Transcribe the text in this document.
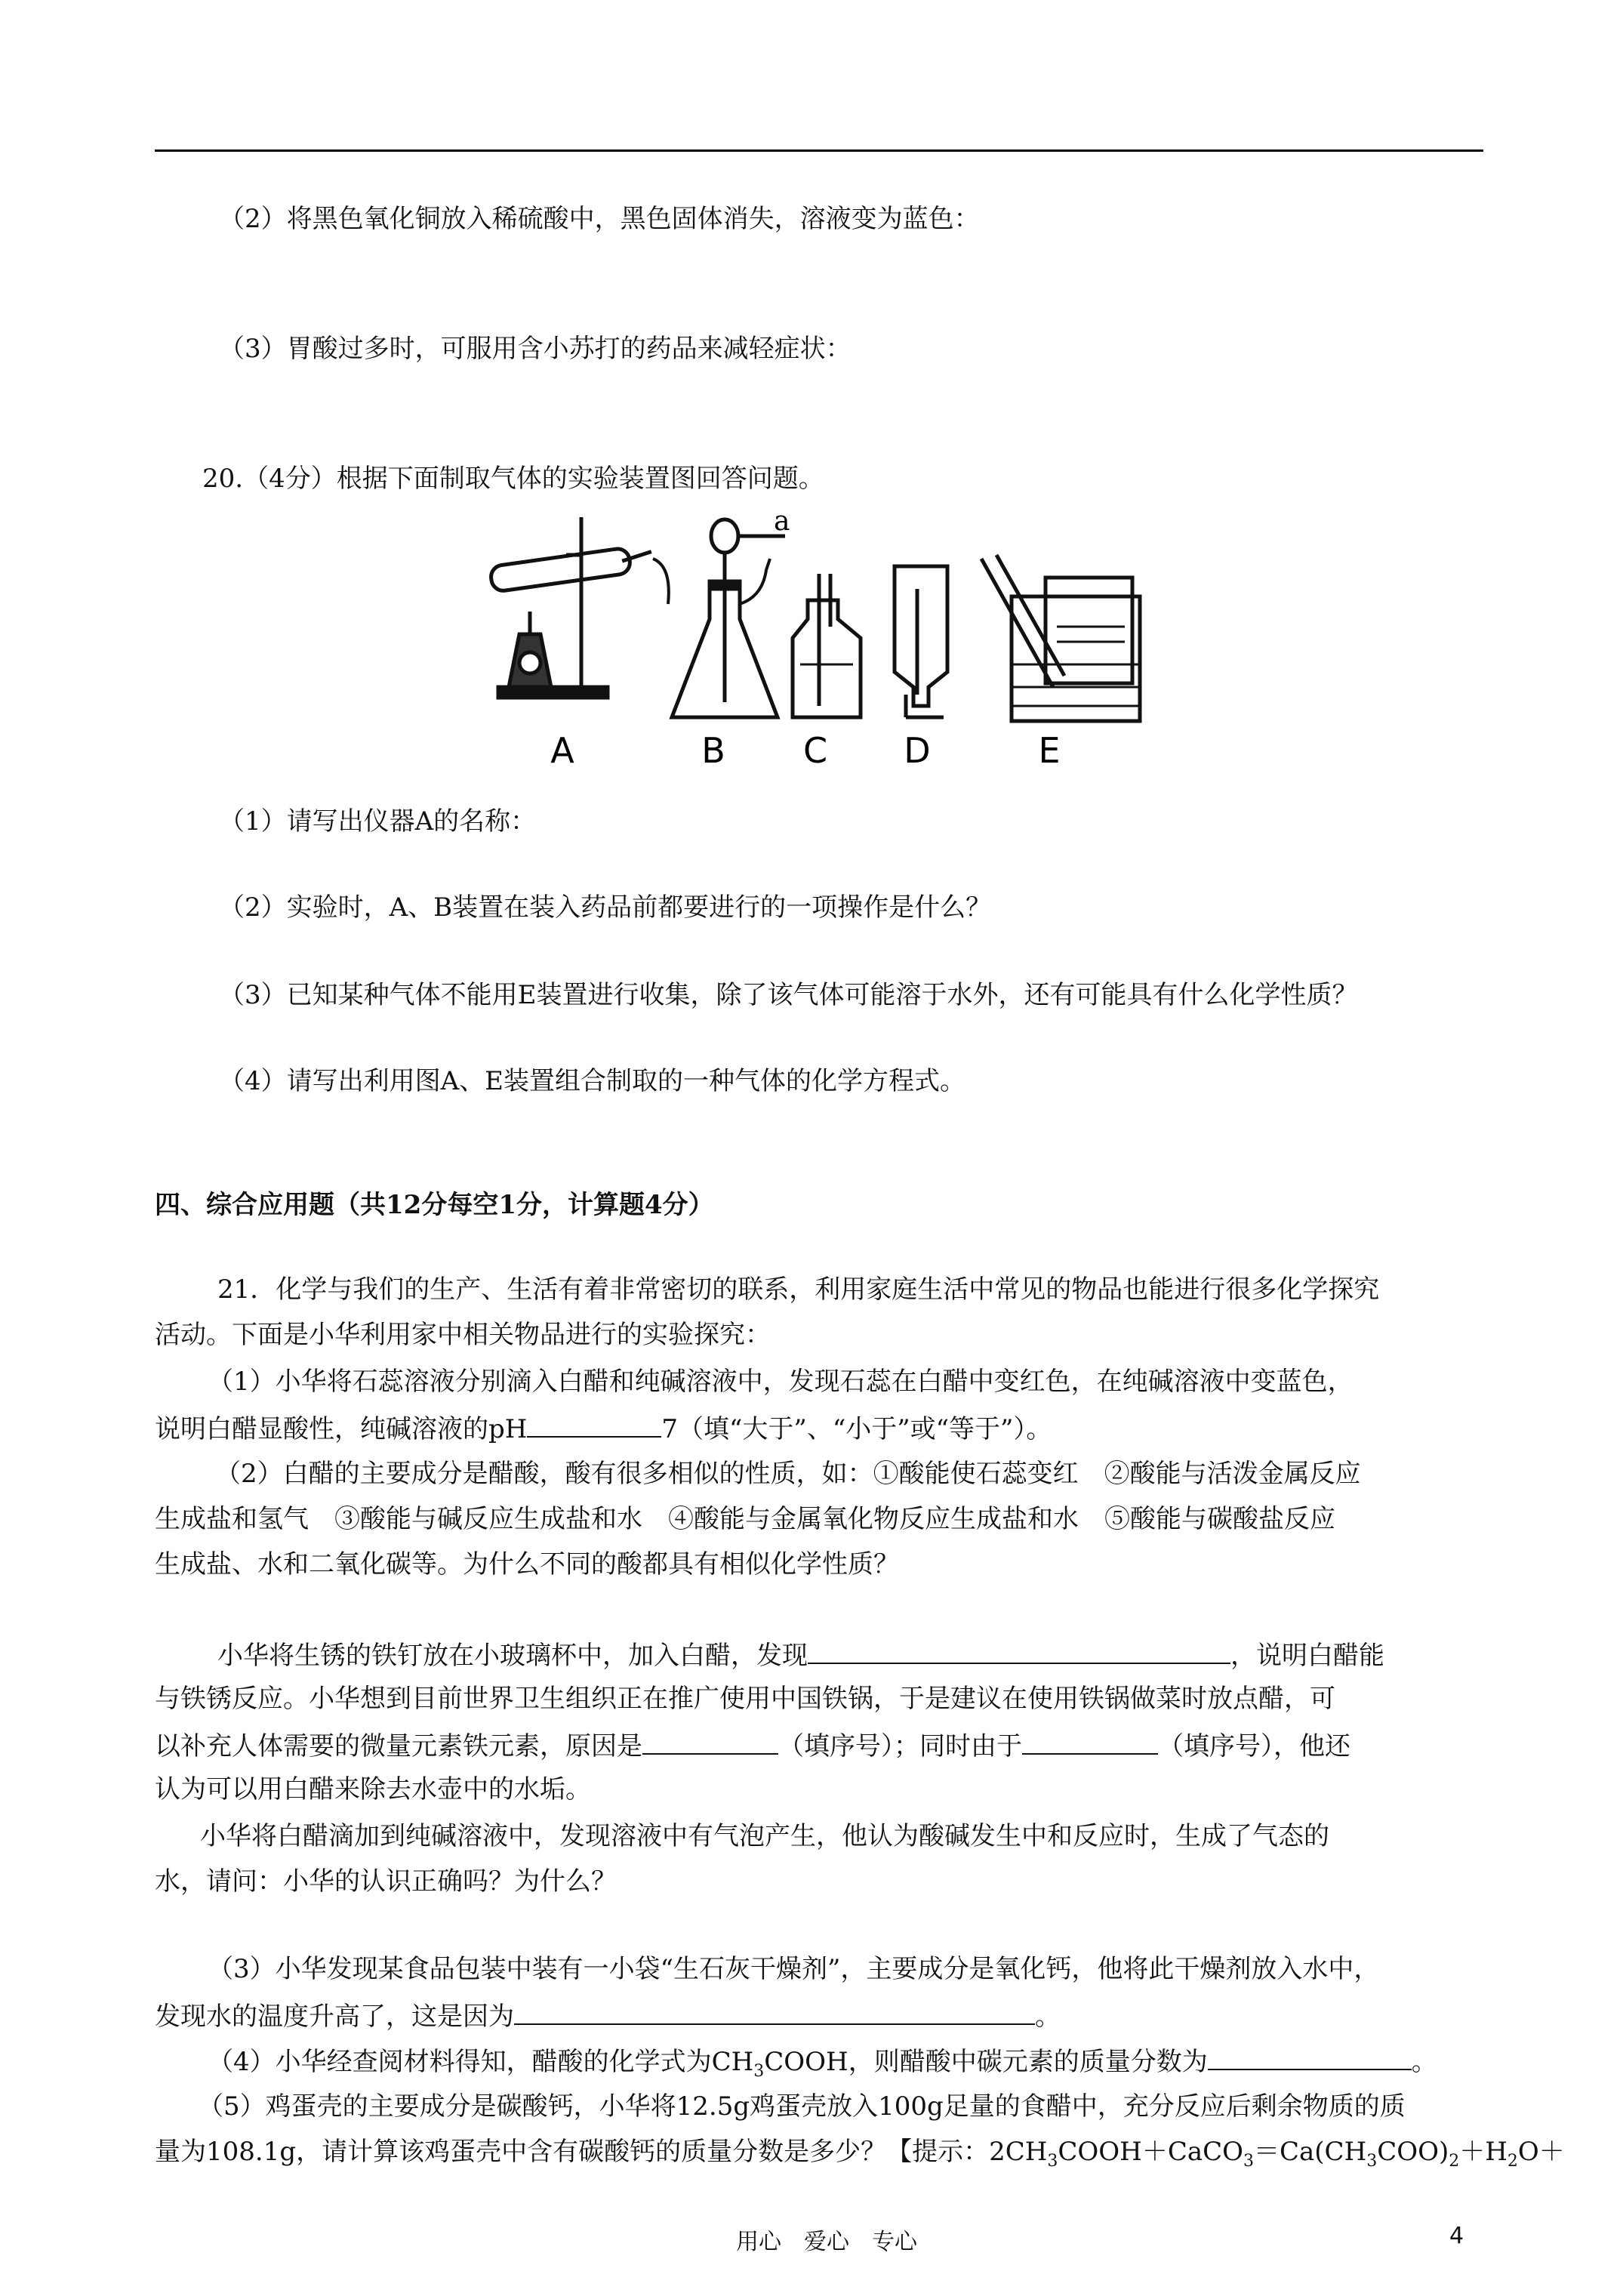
（2）将黑色氧化铜放入稀硫酸中，黑色固体消失，溶液变为蓝色：
（3）胃酸过多时，可服用含小苏打的药品来减轻症状：
20.（4分）根据下面制取气体的实验装置图回答问题。
a
A	B C D	E
（1）请写出仪器A的名称：
（2）实验时，A、B装置在装入药品前都要进行的一项操作是什么？
（3）已知某种气体不能用E装置进行收集，除了该气体可能溶于水外，还有可能具有什么化学性质？
（4）请写出利用图A、E装置组合制取的一种气体的化学方程式。
四、综合应用题（共12分每空1分，计算题4分）
21．化学与我们的生产、生活有着非常密切的联系，利用家庭生活中常见的物品也能进行很多化学探究
活动。下面是小华利用家中相关物品进行的实验探究：
（1）小华将石蕊溶液分别滴入白醋和纯碱溶液中，发现石蕊在白醋中变红色，在纯碱溶液中变蓝色，
说明白醋显酸性，纯碱溶液的pH	7（填“大于”、“小于”或“等于”）。
（2）白醋的主要成分是醋酸，酸有很多相似的性质，如：①酸能使石蕊变红　②酸能与活泼金属反应
生成盐和氢气　③酸能与碱反应生成盐和水　④酸能与金属氧化物反应生成盐和水　⑤酸能与碳酸盐反应
生成盐、水和二氧化碳等。为什么不同的酸都具有相似化学性质？
小华将生锈的铁钉放在小玻璃杯中，加入白醋，发现	，说明白醋能
与铁锈反应。小华想到目前世界卫生组织正在推广使用中国铁锅，于是建议在使用铁锅做菜时放点醋，可
以补充人体需要的微量元素铁元素，原因是	（填序号）；同时由于	（填序号），他还
认为可以用白醋来除去水壶中的水垢。
小华将白醋滴加到纯碱溶液中，发现溶液中有气泡产生，他认为酸碱发生中和反应时，生成了气态的
水，请问：小华的认识正确吗？为什么？
（3）小华发现某食品包装中装有一小袋“生石灰干燥剂”，主要成分是氧化钙，他将此干燥剂放入水中，
发现水的温度升高了，这是因为	。
（4）小华经查阅材料得知，醋酸的化学式为$CH_3COOH$，则醋酸中碳元素的质量分数为	。
（5）鸡蛋壳的主要成分是碳酸钙，小华将12.5g鸡蛋壳放入100g足量的食醋中，充分反应后剩余物质的质
量为108.1g，请计算该鸡蛋壳中含有碳酸钙的质量分数是多少？【提示：$2CH_3COOH+CaCO_3=Ca(CH_3COO)_2+H_2O+$
用心　爱心　专心	4
